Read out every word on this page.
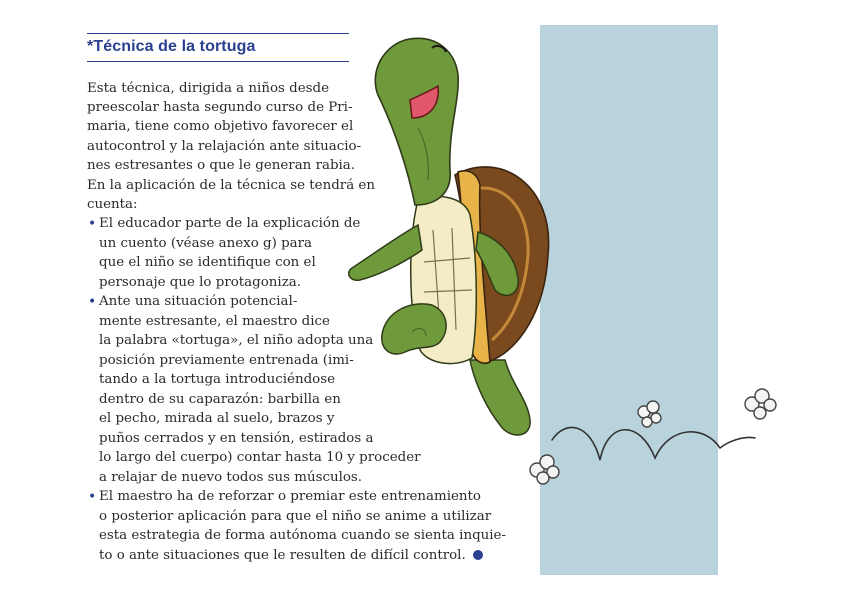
*Técnica de la tortuga
Esta técnica, dirigida a niños desde
preescolar hasta segundo curso de Pri-
maria, tiene como objetivo favorecer el
autocontrol y la relajación ante situacio-
nes estresantes o que le generan rabia.
En la aplicación de la técnica se tendrá en
cuenta:
• El educador parte de la explicación de
un cuento (véase anexo g) para
que el niño se identifique con el
personaje que lo protagoniza.
• Ante una situación potencial-
mente estresante, el maestro dice
la palabra «tortuga», el niño adopta una
posición previamente entrenada (imi-
tando a la tortuga introduciéndose
dentro de su caparazón: barbilla en
el pecho, mirada al suelo, brazos y
puños cerrados y en tensión, estirados a
lo largo del cuerpo) contar hasta 10 y proceder
a relajar de nuevo todos sus músculos.
• El maestro ha de reforzar o premiar este entrenamiento
o posterior aplicación para que el niño se anime a utilizar
esta estrategia de forma autónoma cuando se sienta inquie-
to o ante situaciones que le resulten de difícil control.
